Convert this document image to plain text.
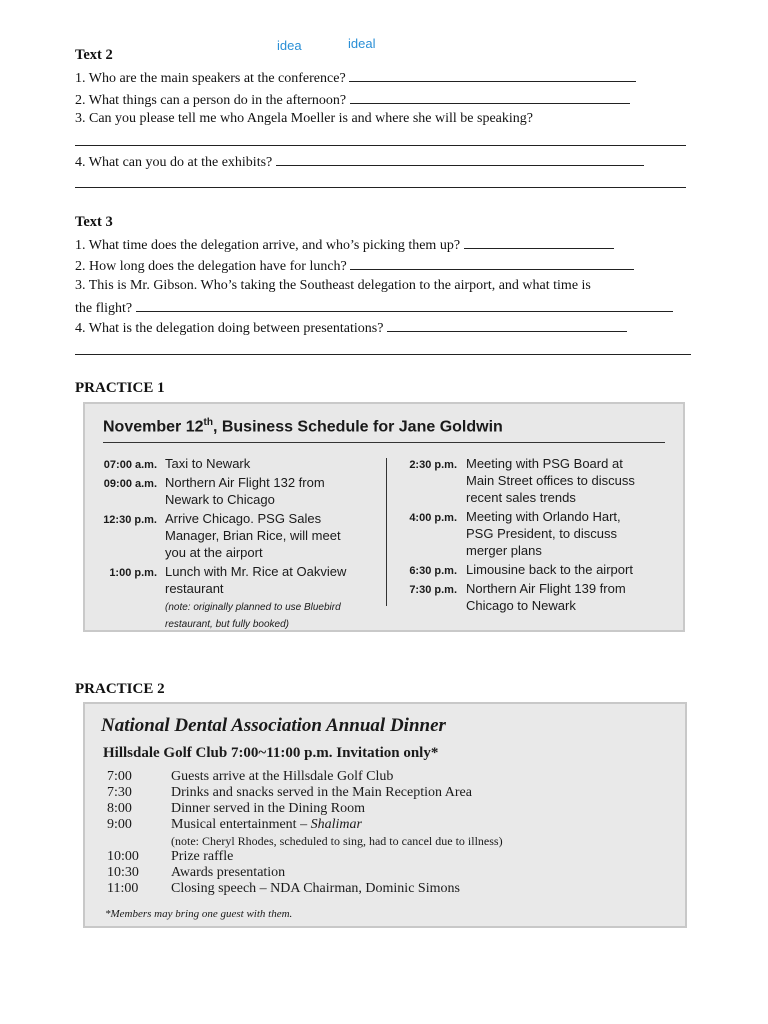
idea	ideal
Text 2
1. Who are the main speakers at the conference?
2. What things can a person do in the afternoon?
3. Can you please tell me who Angela Moeller is and where she will be speaking?
4. What can you do at the exhibits?
Text 3
1. What time does the delegation arrive, and who’s picking them up?
2. How long does the delegation have for lunch?
3. This is Mr. Gibson. Who’s taking the Southeast delegation to the airport, and what time is
the flight?
4. What is the delegation doing between presentations?
PRACTICE 1
November 12th, Business Schedule for Jane Goldwin
07:00 a.m. Taxi to Newark
09:00 a.m. Northern Air Flight 132 from
Newark to Chicago
12:30 p.m. Arrive Chicago. PSG Sales
Manager, Brian Rice, will meet
you at the airport
1:00 p.m. Lunch with Mr. Rice at Oakview
restaurant
(note: originally planned to use Bluebird
restaurant, but fully booked)
2:30 p.m. Meeting with PSG Board at
Main Street offices to discuss
recent sales trends
4:00 p.m. Meeting with Orlando Hart,
PSG President, to discuss
merger plans
6:30 p.m. Limousine back to the airport
7:30 p.m. Northern Air Flight 139 from
Chicago to Newark
PRACTICE 2
National Dental Association Annual Dinner
Hillsdale Golf Club 7:00~11:00 p.m. Invitation only*
7:00	Guests arrive at the Hillsdale Golf Club
7:30	Drinks and snacks served in the Main Reception Area
8:00	Dinner served in the Dining Room
9:00	Musical entertainment – Shalimar
(note: Cheryl Rhodes, scheduled to sing, had to cancel due to illness)
10:00	Prize raffle
10:30	Awards presentation
11:00	Closing speech – NDA Chairman, Dominic Simons
*Members may bring one guest with them.
